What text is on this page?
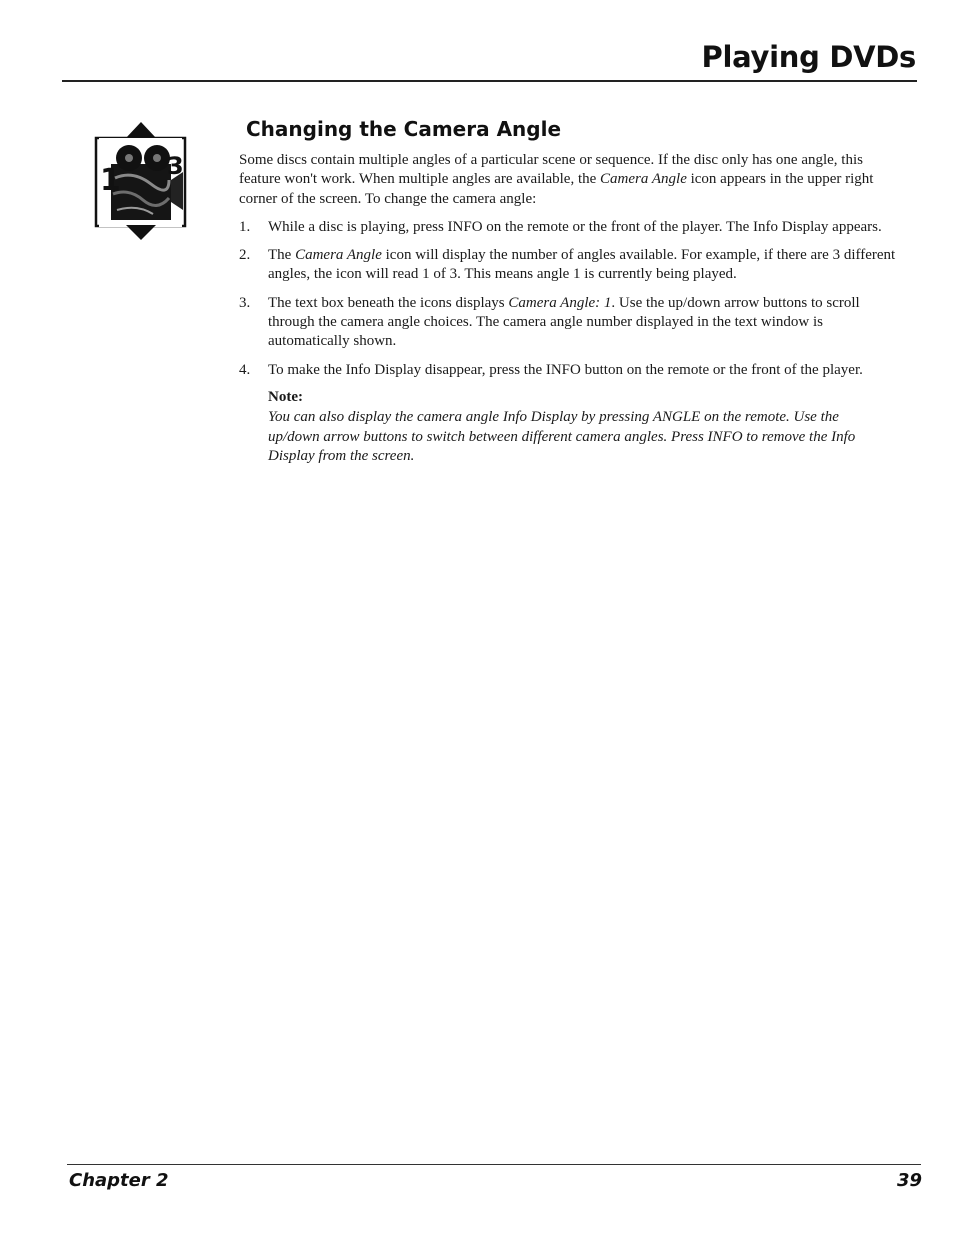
Playing DVDs
1 3
Changing the Camera Angle

Some discs contain multiple angles of a particular scene or sequence. If the disc only has one angle, this feature won't work. When multiple angles are available, the Camera Angle icon appears in the upper right corner of the screen. To change the camera angle:

1.	While a disc is playing, press INFO on the remote or the front of the player. The Info Display appears.
2.	The Camera Angle icon will display the number of angles available. For example, if there are 3 different angles, the icon will read 1 of 3. This means angle 1 is currently being played.
3.	The text box beneath the icons displays Camera Angle: 1. Use the up/down arrow buttons to scroll through the camera angle choices. The camera angle number displayed in the text window is automatically shown.
4.	To make the Info Display disappear, press the INFO button on the remote or the front of the player.

Note:

You can also display the camera angle Info Display by pressing ANGLE on the remote. Use the up/down arrow buttons to switch between different camera angles. Press INFO to remove the Info Display from the screen.

Chapter 2	39
